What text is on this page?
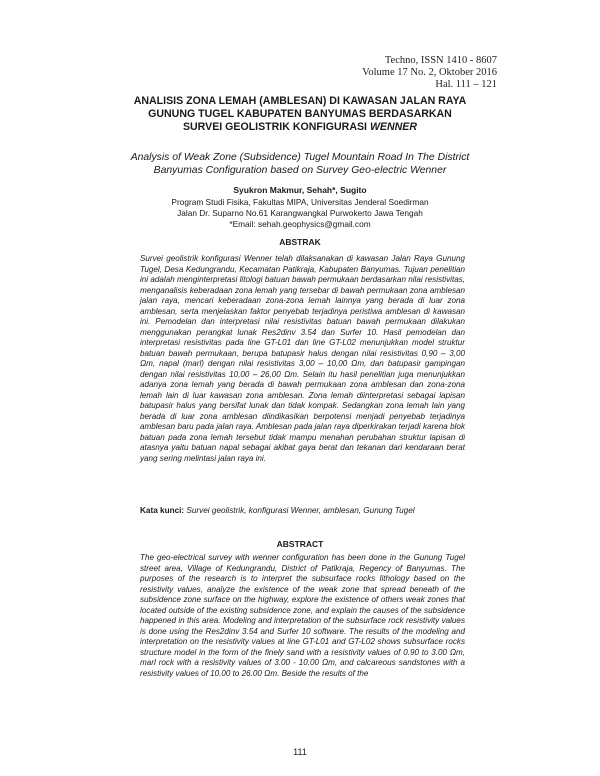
Techno, ISSN 1410 - 8607
Volume 17 No. 2, Oktober 2016
Hal. 111 – 121
ANALISIS ZONA LEMAH (AMBLESAN) DI KAWASAN JALAN RAYA
GUNUNG TUGEL KABUPATEN BANYUMAS BERDASARKAN
SURVEI GEOLISTRIK KONFIGURASI WENNER
Analysis of Weak Zone (Subsidence) Tugel Mountain Road In The District
Banyumas Configuration based on Survey Geo-electric Wenner
Syukron Makmur, Sehah*, Sugito
Program Studi Fisika, Fakultas MIPA, Universitas Jenderal Soedirman
Jalan Dr. Suparno No.61 Karangwangkal Purwokerto Jawa Tengah
*Email: sehah.geophysics@gmail.com
ABSTRAK

Survei geolistrik konfigurasi Wenner telah dilaksanakan di kawasan Jalan Raya Gunung Tugel, Desa Kedungrandu, Kecamatan Patikraja, Kabupaten Banyumas. Tujuan penelitian ini adalah menginterpretasi litologi batuan bawah permukaan berdasarkan nilai resistivitas, menganalisis keberadaan zona lemah yang tersebar di bawah permukaan zona amblesan jalan raya, mencari keberadaan zona-zona lemah lainnya yang berada di luar zona amblesan, serta menjelaskan faktor penyebab terjadinya peristiwa amblesan di kawasan ini. Pemodelan dan interpretasi nilai resistivitas batuan bawah permukaan dilakukan menggunakan perangkat lunak Res2dinv 3.54 dan Surfer 10. Hasil pemodelan dan interpretasi resistivitas pada line GT-L01 dan line GT-L02 menunjukkan model struktur batuan bawah permukaan, berupa batupasir halus dengan nilai resistivitas 0,90 – 3,00 Ωm, napal (marl) dengan nilai resistivitas 3,00 – 10,00 Ωm, dan batupasir gampingan dengan nilai resistivitas 10,00 – 26,00 Ωm. Selain itu hasil penelitian juga menunjukkan adanya zona lemah yang berada di bawah permukaan zona amblesan dan zona-zona lemah lain di luar kawasan zona amblesan. Zona lemah diinterpretasi sebagai lapisan batupasir halus yang bersifat lunak dan tidak kompak. Sedangkan zona lemah lain yang berada di luar zona amblesan diindikasikan berpotensi menjadi penyebab terjadinya amblesan baru pada jalan raya. Amblesan pada jalan raya diperkirakan terjadi karena blok batuan pada zona lemah tersebut tidak mampu menahan perubahan struktur lapisan di atasnya yaitu batuan napal sebagai akibat gaya berat dan tekanan dari kendaraan berat yang sering melintasi jalan raya ini.

Kata kunci: Survei geolistrik, konfigurasi Wenner, amblesan, Gunung Tugel
ABSTRACT

The geo-electrical survey with wenner configuration has been done in the Gunung Tugel street area, Village of Kedungrandu, District of Patikraja, Regency of Banyumas. The purposes of the research is to interpret the subsurface rocks lithology based on the resistivity values, analyze the existence of the weak zone that spread beneath of the subsidence zone surface on the highway, explore the existence of others weak zones that located outside of the existing subsidence zone, and explain the causes of the subsidence happened in this area. Modeling and interpretation of the subsurface rock resistivity values is done using the Res2dinv 3.54 and Surfer 10 software. The results of the modeling and interpretation on the resistivity values at line GT-L01 and GT-L02 shows subsurface rocks structure model in the form of the finely sand with a resistivity values of 0.90 to 3.00 Ωm, marl rock with a resistivity values of 3.00 - 10.00 Ωm, and calcareous sandstones with a resistivity values of 10.00 to 26.00 Ωm. Beside the results of the

111
